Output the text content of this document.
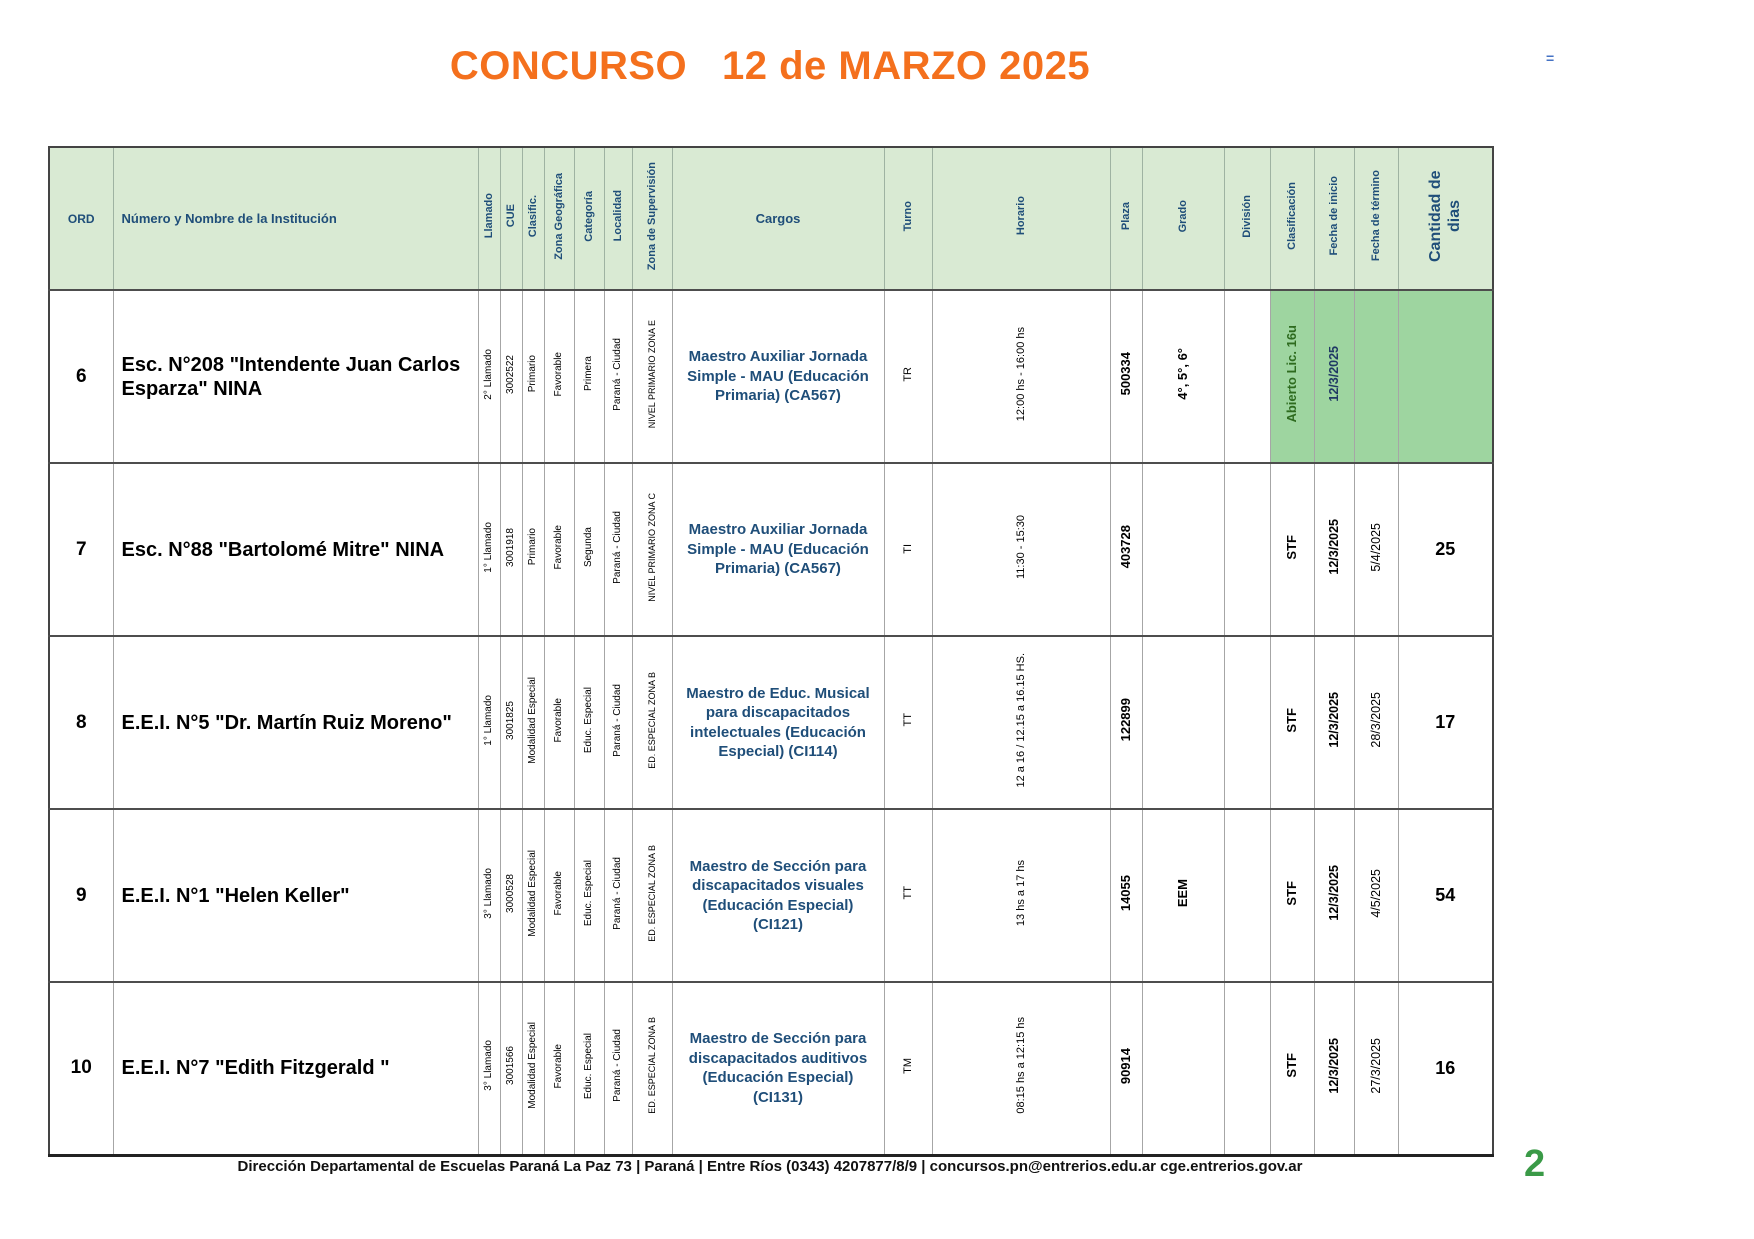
CONCURSO   12 de MARZO 2025	=
ORD	Número y Nombre de la Institución	Llamado	CUE	Clasific.	Zona Geográfica	Categoría	Localidad	Zona de Supervisión	Cargos	Turno	Horario	Plaza	Grado	División	Clasificación	Fecha de inicio	Fecha de término	Cantidad de dias

6	Esc. N°208 "Intendente Juan Carlos Esparza" NINA	2° Llamado	3002522	Primario	Favorable	Primera	Paraná - Ciudad	NIVEL PRIMARIO ZONA E	Maestro Auxiliar Jornada Simple - MAU (Educación Primaria) (CA567)	TR	12:00 hs - 16:00 hs	500334	4°, 5°, 6°		Abierto Lic. 16u	12/3/2025		

7	Esc. N°88 "Bartolomé Mitre" NINA	1° Llamado	3001918	Primario	Favorable	Segunda	Paraná - Ciudad	NIVEL PRIMARIO ZONA C	Maestro Auxiliar Jornada Simple - MAU (Educación Primaria) (CA567)	TI	11:30 - 15:30	403728			STF	12/3/2025	5/4/2025	25

8	E.E.I. N°5 "Dr. Martín Ruiz Moreno"	1° Llamado	3001825	Modalidad Especial	Favorable	Educ. Especial	Paraná - Ciudad	ED. ESPECIAL ZONA B	Maestro de Educ. Musical para discapacitados intelectuales (Educación Especial) (CI114)	TT	12 a 16 / 12.15 a 16.15 HS.	122899			STF	12/3/2025	28/3/2025	17

9	E.E.I. N°1 "Helen Keller"	3° Llamado	3000528	Modalidad Especial	Favorable	Educ. Especial	Paraná - Ciudad	ED. ESPECIAL ZONA B	Maestro de Sección para discapacitados visuales (Educación Especial) (CI121)	TT	13 hs a 17 hs	14055	EEM		STF	12/3/2025	4/5/2025	54

10	E.E.I. N°7 "Edith Fitzgerald "	3° Llamado	3001566	Modalidad Especial	Favorable	Educ. Especial	Paraná - Ciudad	ED. ESPECIAL ZONA B	Maestro de Sección para discapacitados auditivos (Educación Especial) (CI131)	TM	08:15 hs a 12:15 hs	90914			STF	12/3/2025	27/3/2025	16
Dirección Departamental de Escuelas Paraná La Paz 73 | Paraná | Entre Ríos (0343) 4207877/8/9 | concursos.pn@entrerios.edu.ar cge.entrerios.gov.ar	2
